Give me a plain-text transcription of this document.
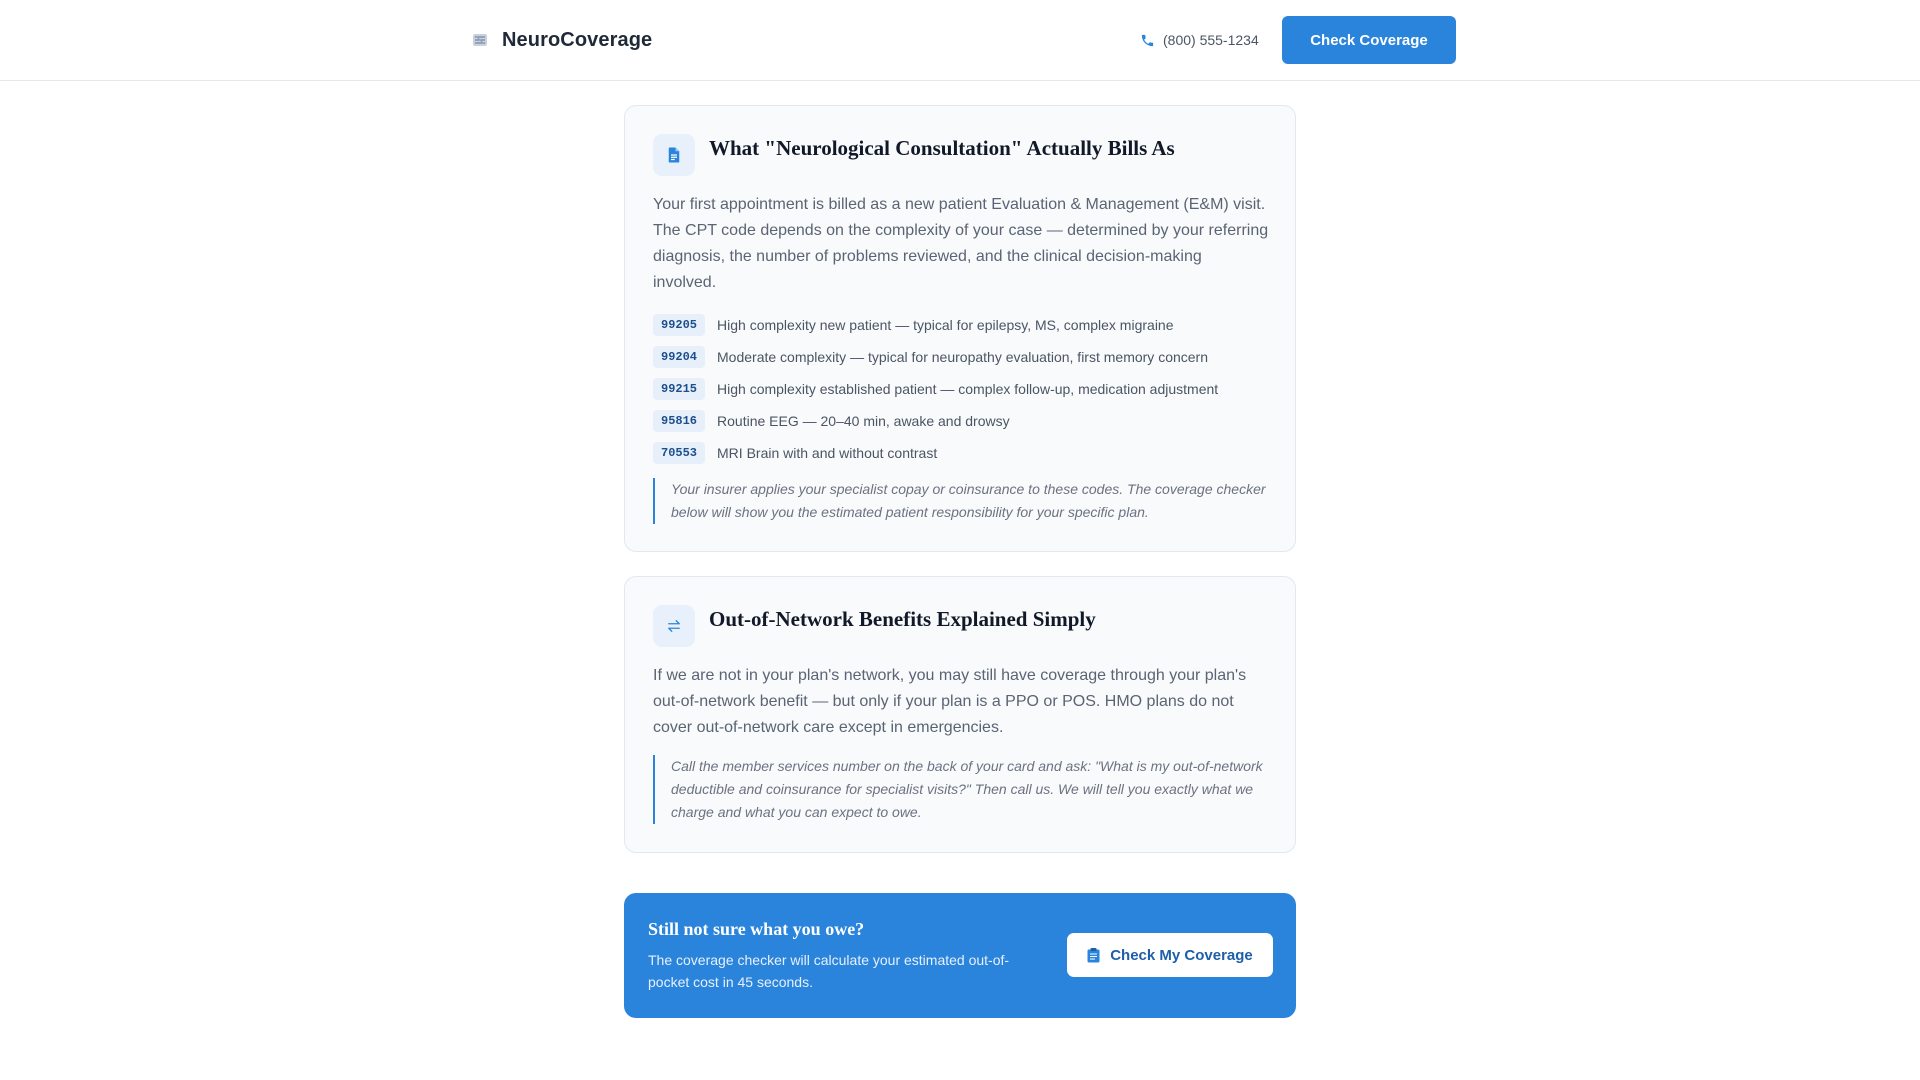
NeuroCoverage	(800) 555-1234	Check Coverage
What "Neurological Consultation" Actually Bills As

Your first appointment is billed as a new patient Evaluation & Management (E&M) visit. The CPT code depends on the complexity of your case — determined by your referring diagnosis, the number of problems reviewed, and the clinical decision-making involved.

99205	High complexity new patient — typical for epilepsy, MS, complex migraine
99204	Moderate complexity — typical for neuropathy evaluation, first memory concern
99215	High complexity established patient — complex follow-up, medication adjustment
95816	Routine EEG — 20–40 min, awake and drowsy
70553	MRI Brain with and without contrast

Your insurer applies your specialist copay or coinsurance to these codes. The coverage checker below will show you the estimated patient responsibility for your specific plan.

Out-of-Network Benefits Explained Simply

If we are not in your plan's network, you may still have coverage through your plan's out-of-network benefit — but only if your plan is a PPO or POS. HMO plans do not cover out-of-network care except in emergencies.

Call the member services number on the back of your card and ask: "What is my out-of-network deductible and coinsurance for specialist visits?" Then call us. We will tell you exactly what we charge and what you can expect to owe.

Still not sure what you owe?

The coverage checker will calculate your estimated out-of-pocket cost in 45 seconds.

Check My Coverage
